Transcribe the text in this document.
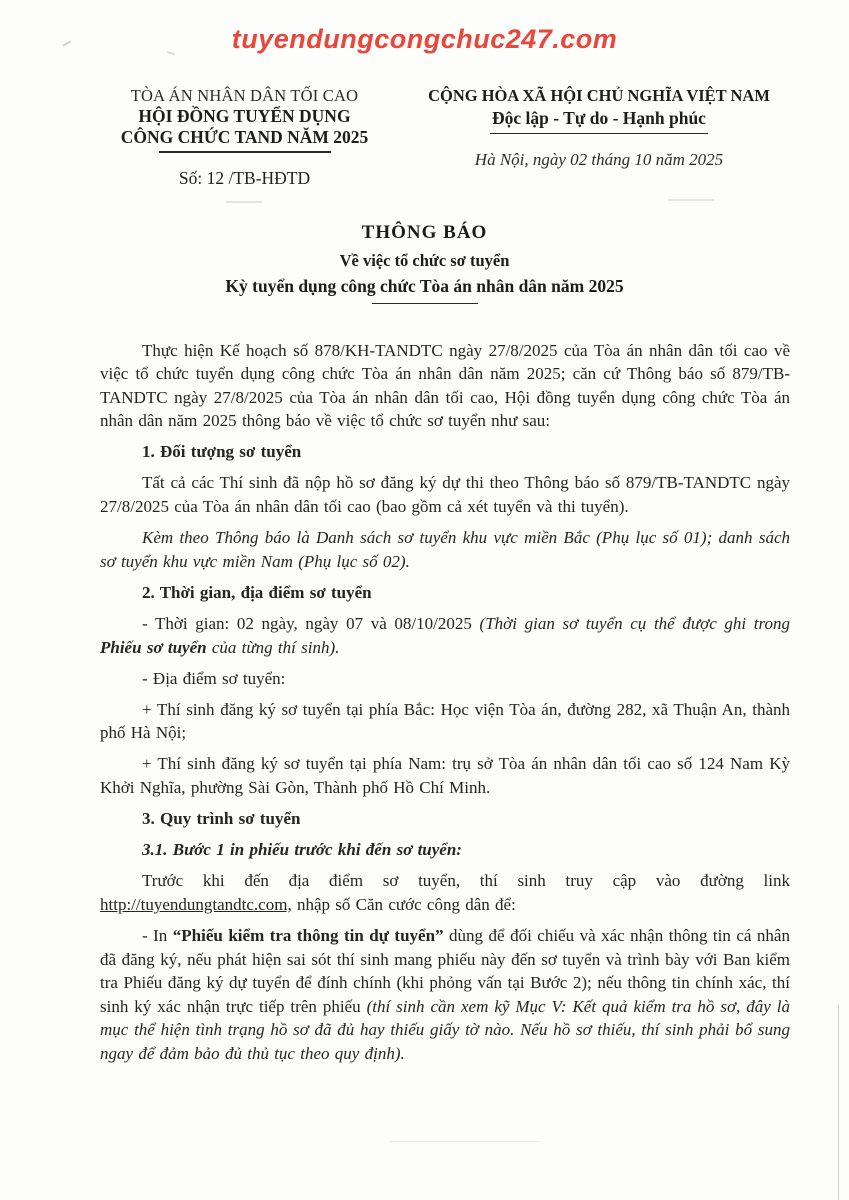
tuyendungcongchuc247.com
TÒA ÁN NHÂN DÂN TỐI CAO
HỘI ĐỒNG TUYỂN DỤNG
CÔNG CHỨC TAND NĂM 2025
Số: 12 /TB-HĐTD
CỘNG HÒA XÃ HỘI CHỦ NGHĨA VIỆT NAM
Độc lập - Tự do - Hạnh phúc
Hà Nội, ngày 02 tháng 10 năm 2025
THÔNG BÁO
Về việc tổ chức sơ tuyển
Kỳ tuyển dụng công chức Tòa án nhân dân năm 2025

Thực hiện Kế hoạch số 878/KH-TANDTC ngày 27/8/2025 của Tòa án nhân dân tối cao về việc tổ chức tuyển dụng công chức Tòa án nhân dân năm 2025; căn cứ Thông báo số 879/TB-TANDTC ngày 27/8/2025 của Tòa án nhân dân tối cao, Hội đồng tuyển dụng công chức Tòa án nhân dân năm 2025 thông báo về việc tổ chức sơ tuyển như sau:

1. Đối tượng sơ tuyển

Tất cả các Thí sinh đã nộp hồ sơ đăng ký dự thi theo Thông báo số 879/TB-TANDTC ngày 27/8/2025 của Tòa án nhân dân tối cao (bao gồm cả xét tuyển và thi tuyển).

Kèm theo Thông báo là Danh sách sơ tuyển khu vực miền Bắc (Phụ lục số 01); danh sách sơ tuyển khu vực miền Nam (Phụ lục số 02).

2. Thời gian, địa điểm sơ tuyển

- Thời gian: 02 ngày, ngày 07 và 08/10/2025 (Thời gian sơ tuyển cụ thể được ghi trong Phiếu sơ tuyển của từng thí sinh).

- Địa điểm sơ tuyển:

+ Thí sinh đăng ký sơ tuyển tại phía Bắc: Học viện Tòa án, đường 282, xã Thuận An, thành phố Hà Nội;

+ Thí sinh đăng ký sơ tuyển tại phía Nam: trụ sở Tòa án nhân dân tối cao số 124 Nam Kỳ Khởi Nghĩa, phường Sài Gòn, Thành phố Hồ Chí Minh.

3. Quy trình sơ tuyển

3.1. Bước 1 in phiếu trước khi đến sơ tuyển:

Trước khi đến địa điểm sơ tuyển, thí sinh truy cập vào đường link http://tuyendungtandtc.com, nhập số Căn cước công dân để:

- In “Phiếu kiểm tra thông tin dự tuyển” dùng để đối chiếu và xác nhận thông tin cá nhân đã đăng ký, nếu phát hiện sai sót thí sinh mang phiếu này đến sơ tuyển và trình bày với Ban kiểm tra Phiếu đăng ký dự tuyển để đính chính (khi phỏng vấn tại Bước 2); nếu thông tin chính xác, thí sinh ký xác nhận trực tiếp trên phiếu (thí sinh cần xem kỹ Mục V: Kết quả kiểm tra hồ sơ, đây là mục thể hiện tình trạng hồ sơ đã đủ hay thiếu giấy tờ nào. Nếu hồ sơ thiếu, thí sinh phải bổ sung ngay để đảm bảo đủ thủ tục theo quy định).
